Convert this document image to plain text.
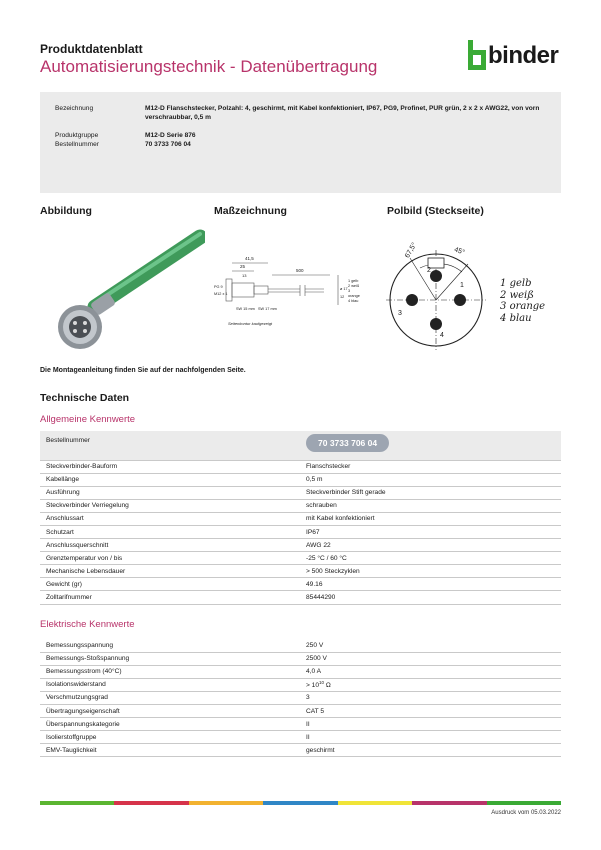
Produktdatenblatt
Automatisierungstechnik - Datenübertragung	binder
Bezeichnung	M12-D Flanschstecker, Polzahl: 4, geschirmt, mit Kabel konfektioniert, IP67, PG9, Profinet, PUR grün, 2 x 2 x AWG22, von vorn verschraubbar, 0,5 m
Produktgruppe	M12-D Serie 876
Bestellnummer	70 3733 706 04
Abbildung	Maßzeichnung	Polbild (Steckseite)
41,5
25
500
13
PG 9
M12 x 1
SW 15 mm SW 17 mm
ø 17
12
Seitenkontur kaufgezeigt
1 gelb
2 weiß
3 orange
4 blau
67,5°	45°
1
2
3
4
1 gelb
2 weiß
3 orange
4 blau
Die Montageanleitung finden Sie auf der nachfolgenden Seite.
Technische Daten
Allgemeine Kennwerte
Bestellnummer	70 3733 706 04
Steckverbinder-Bauform	Flanschstecker
Kabellänge	0,5 m
Ausführung	Steckverbinder Stift gerade
Steckverbinder Verriegelung	schrauben
Anschlussart	mit Kabel konfektioniert
Schutzart	IP67
Anschlussquerschnitt	AWG 22
Grenztemperatur von / bis	-25 °C / 60 °C
Mechanische Lebensdauer	> 500 Steckzyklen
Gewicht (gr)	49.16
Zolltarifnummer	85444290
Elektrische Kennwerte
Bemessungsspannung	250 V
Bemessungs-Stoßspannung	2500 V
Bemessungsstrom (40°C)	4,0 A
Isolationswiderstand	> $10^{10}$ Ω
Verschmutzungsgrad	3
Übertragungseigenschaft	CAT 5
Überspannungskategorie	II
Isolierstoffgruppe	II
EMV-Tauglichkeit	geschirmt
Ausdruck vom 05.03.2022
